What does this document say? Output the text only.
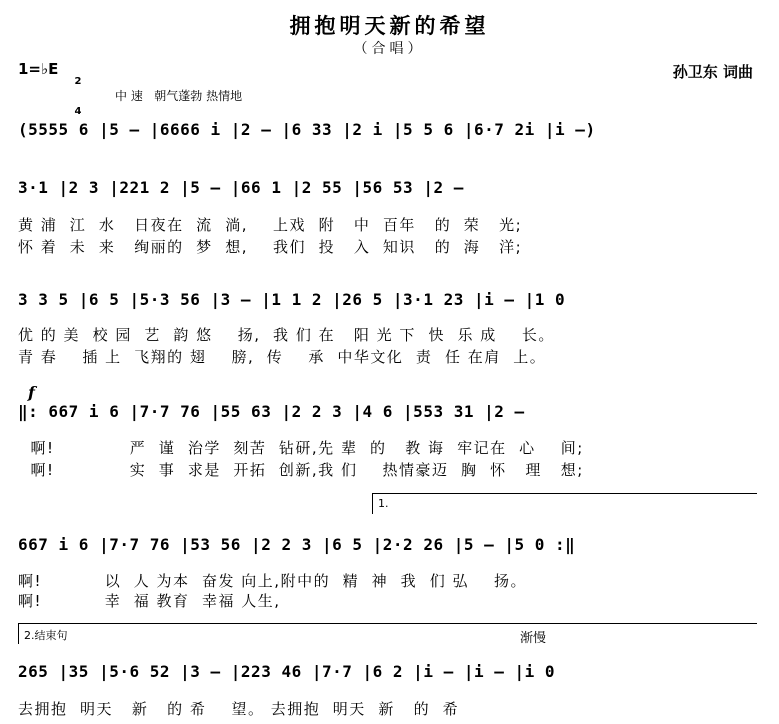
拥抱明天新的希望
（合唱）
1=♭E

2

4

孙卫东 词曲
中 速   朝气蓬勃 热情地
(5555 6 |5 – |6666 i |2 – |6 33 |2 i |5 5 6 |6·7 2i |i –)
3·1 |2 3 |221 2 |5 – |66 1 |2 55 |56 53 |2 –
黄 浦  江  水   日夜在  流  淌,    上戏  附   中  百年   的  荣   光;
怀 着  未  来   绚丽的  梦  想,    我们  投   入  知识   的  海   洋;
3 3 5 |6 5 |5·3 56 |3 – |1 1 2 |26 5 |3·1 23 |i – |1 0
优 的 美  校 园  艺  韵 悠    扬,  我 们 在   阳 光 下  快  乐 成    长。
青 春    插 上  飞翔的 翅    膀,  传    承  中华文化  责  任 在肩  上。
f
‖: 667 i 6 |7·7 76 |55 63 |2 2 3 |4 6 |553 31 |2 –
啊!            严  谨  治学  刻苦  钻研,先 辈  的   教 诲  牢记在  心    间;
啊!            实  事  求是  开拓  创新,我 们    热情豪迈  胸  怀   理   想;
1.
667 i 6 |7·7 76 |53 56 |2 2 3 |6 5 |2·2 26 |5 – |5 0 :‖
啊!          以  人 为本  奋发 向上,附中的  精  神  我  们 弘    扬。
啊!          幸  福 教育  幸福 人生,
2.结束句	渐慢
265 |35 |5·6 52 |3 – |223 46 |7·7 |6 2 |i – |i – |i 0
去拥抱  明天   新   的 希    望。 去拥抱  明天  新   的  希
